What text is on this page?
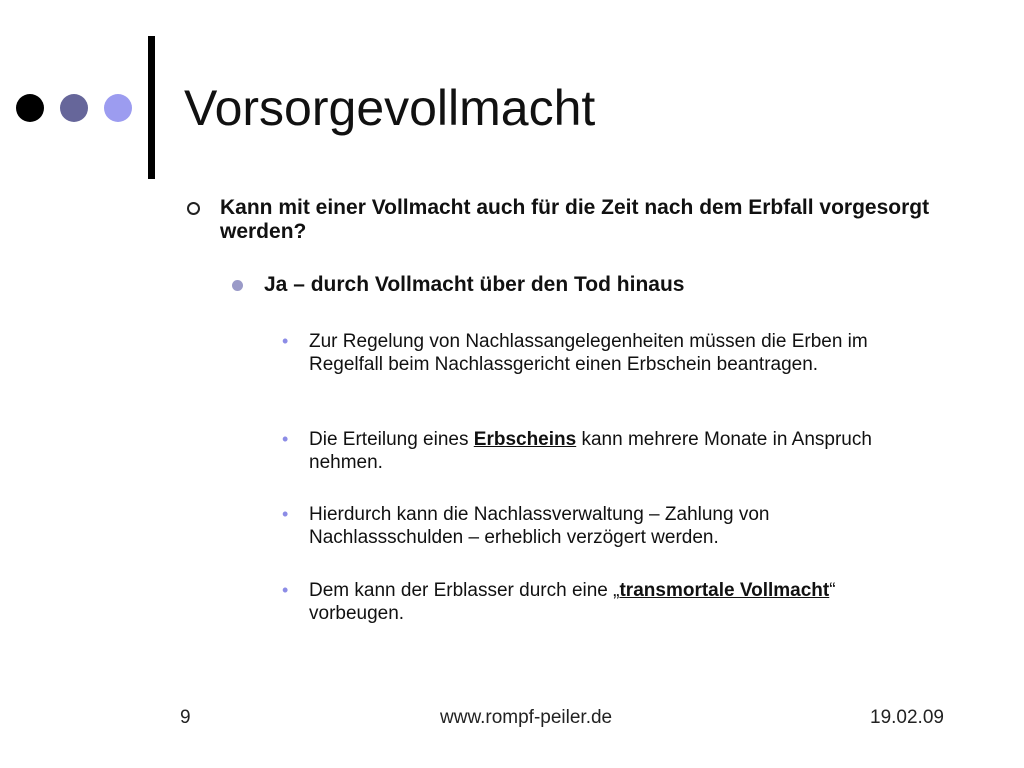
Vorsorgevollmacht
Kann mit einer Vollmacht auch für die Zeit nach dem Erbfall vorgesorgt werden?
Ja – durch Vollmacht über den Tod hinaus
• Zur Regelung von Nachlassangelegenheiten müssen die Erben im Regelfall beim Nachlassgericht einen Erbschein beantragen.
• Die Erteilung eines Erbscheins kann mehrere Monate in Anspruch nehmen.
• Hierdurch kann die Nachlassverwaltung – Zahlung von Nachlassschulden – erheblich verzögert werden.
• Dem kann der Erblasser durch eine „transmortale Vollmacht“ vorbeugen.
9	www.rompf-peiler.de	19.02.09
